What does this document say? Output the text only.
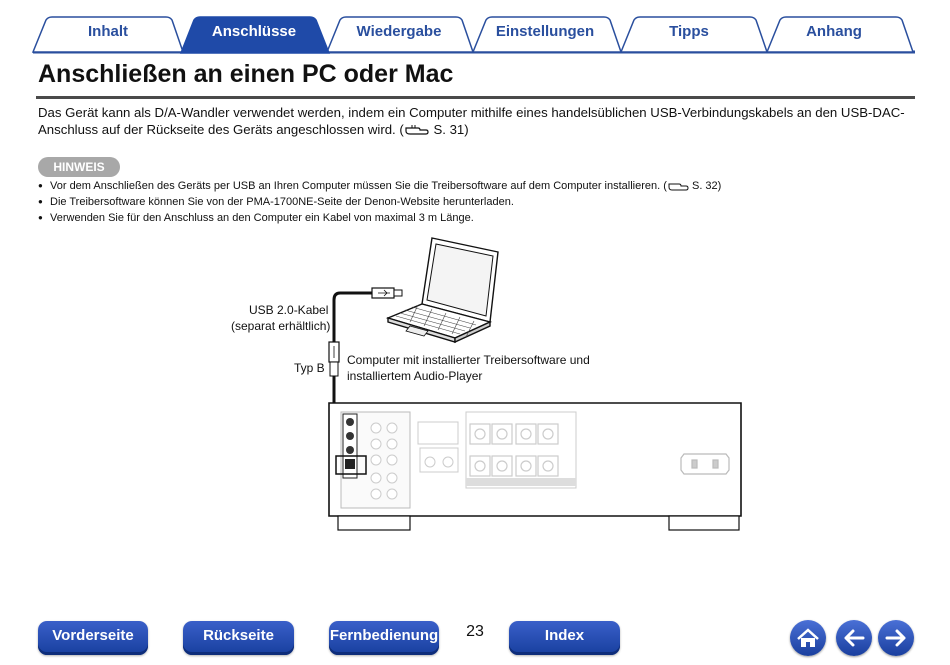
Inhalt	Anschlüsse	Wiedergabe	Einstellungen	Tipps	Anhang
Anschließen an einen PC oder Mac
Das Gerät kann als D/A-Wandler verwendet werden, indem ein Computer mithilfe eines handelsüblichen USB-Verbindungskabels an den USB-DAC-Anschluss auf der Rückseite des Geräts angeschlossen wird. ( S. 31)
HINWEIS
● Vor dem Anschließen des Geräts per USB an Ihren Computer müssen Sie die Treibersoftware auf dem Computer installieren. ( S. 32)
● Die Treibersoftware können Sie von der PMA-1700NE-Seite der Denon-Website herunterladen.
● Verwenden Sie für den Anschluss an den Computer ein Kabel von maximal 3 m Länge.
USB 2.0-Kabel
(separat erhältlich)
Typ B
Computer mit installierter Treibersoftware und
installiertem Audio-Player
Vorderseite	Rückseite	Fernbedienung	23	Index
